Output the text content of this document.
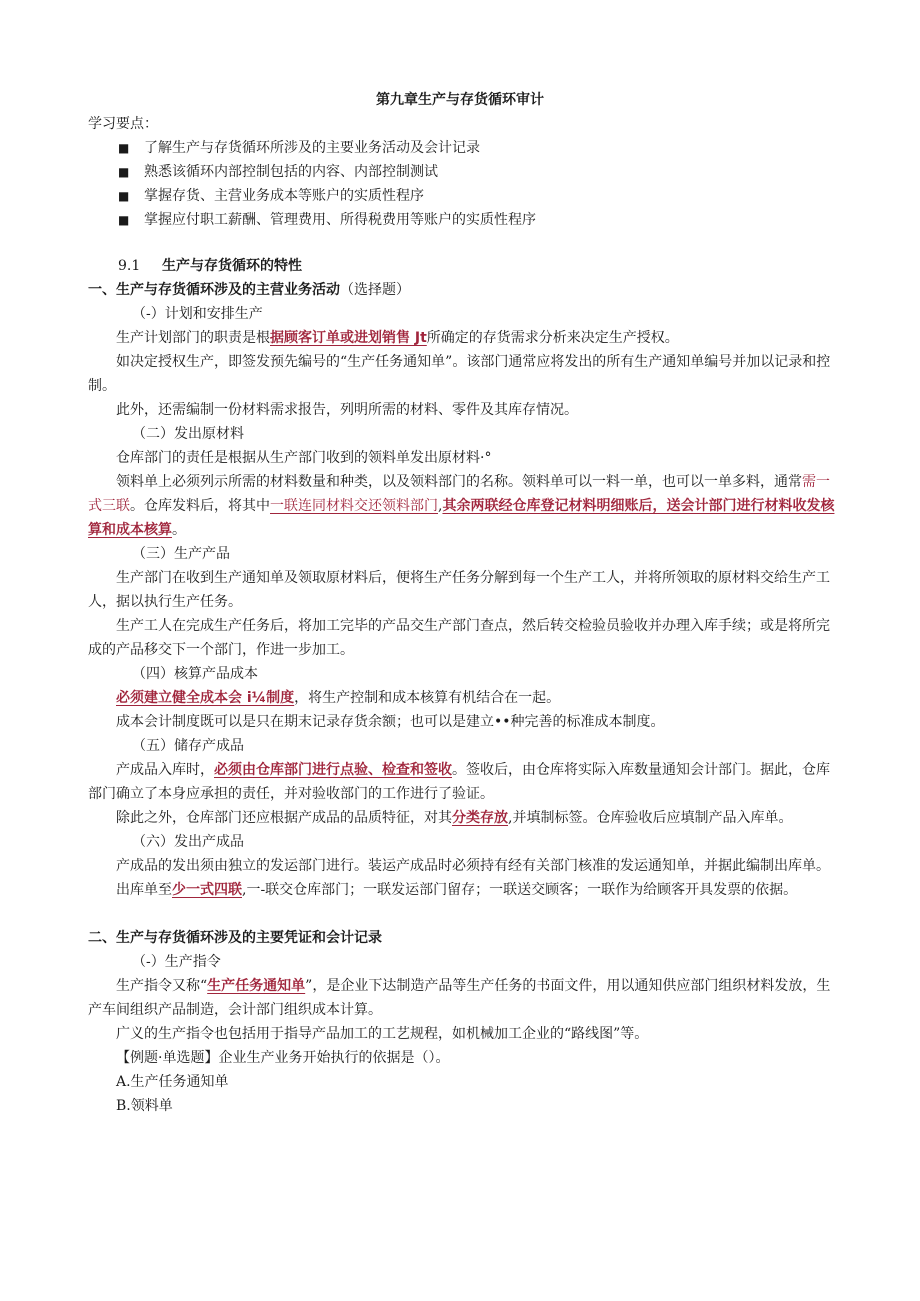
第九章生产与存货循环审计

学习要点：

■ 了解生产与存货循环所涉及的主要业务活动及会计记录

■ 熟悉该循环内部控制包括的内容、内部控制测试

■ 掌握存货、主营业务成本等账户的实质性程序

■ 掌握应付职工薪酬、管理费用、所得税费用等账户的实质性程序

9.1 生产与存货循环的特性

一、生产与存货循环涉及的主营业务活动（选择题）

（-）计划和安排生产

生产计划部门的职责是根据顾客订单或进划销售 Jt所确定的存货需求分析来决定生产授权。

如决定授权生产，即签发预先编号的“生产任务通知单”。该部门通常应将发出的所有生产通知单编号并加以记录和控制。

此外，还需编制一份材料需求报告，列明所需的材料、零件及其库存情况。

（二）发出原材料

仓库部门的责任是根据从生产部门收到的领料单发出原材料·°

领料单上必须列示所需的材料数量和种类，以及领料部门的名称。领料单可以一料一单，也可以一单多料，通常需一式三联。仓库发料后，将其中一联连同材料交还领料部门,其余两联经仓库登记材料明细账后，送会计部门进行材料收发核算和成本核算。

（三）生产产品

生产部门在收到生产通知单及领取原材料后，便将生产任务分解到每一个生产工人，并将所领取的原材料交给生产工人，据以执行生产任务。

生产工人在完成生产任务后，将加工完毕的产品交生产部门查点，然后转交检验员验收并办理入库手续；或是将所完成的产品移交下一个部门，作进一步加工。

（四）核算产品成本

必须建立健全成本会 i¼制度，将生产控制和成本核算有机结合在一起。

成本会计制度既可以是只在期末记录存货余额；也可以是建立••种完善的标准成本制度。

（五）储存产成品

产成品入库时，必须由仓库部门进行点验、检查和签收。签收后，由仓库将实际入库数量通知会计部门。据此，仓库部门确立了本身应承担的责任，并对验收部门的工作进行了验证。

除此之外，仓库部门还应根据产成品的品质特征，对其分类存放,并填制标签。仓库验收后应填制产品入库单。

（六）发出产成品

产成品的发出须由独立的发运部门进行。装运产成品时必须持有经有关部门核准的发运通知单，并据此编制出库单。

出库单至少一式四联,一-联交仓库部门；一联发运部门留存；一联送交顾客；一联作为给顾客开具发票的依据。

二、生产与存货循环涉及的主要凭证和会计记录

（-）生产指令

生产指令又称“生产任务通知单”，是企业下达制造产品等生产任务的书面文件，用以通知供应部门组织材料发放，生产车间组织产品制造，会计部门组织成本计算。

广义的生产指令也包括用于指导产品加工的工艺规程，如机械加工企业的“路线图”等。

【例题·单选题】企业生产业务开始执行的依据是（）。

A.生产任务通知单

B.领料单
